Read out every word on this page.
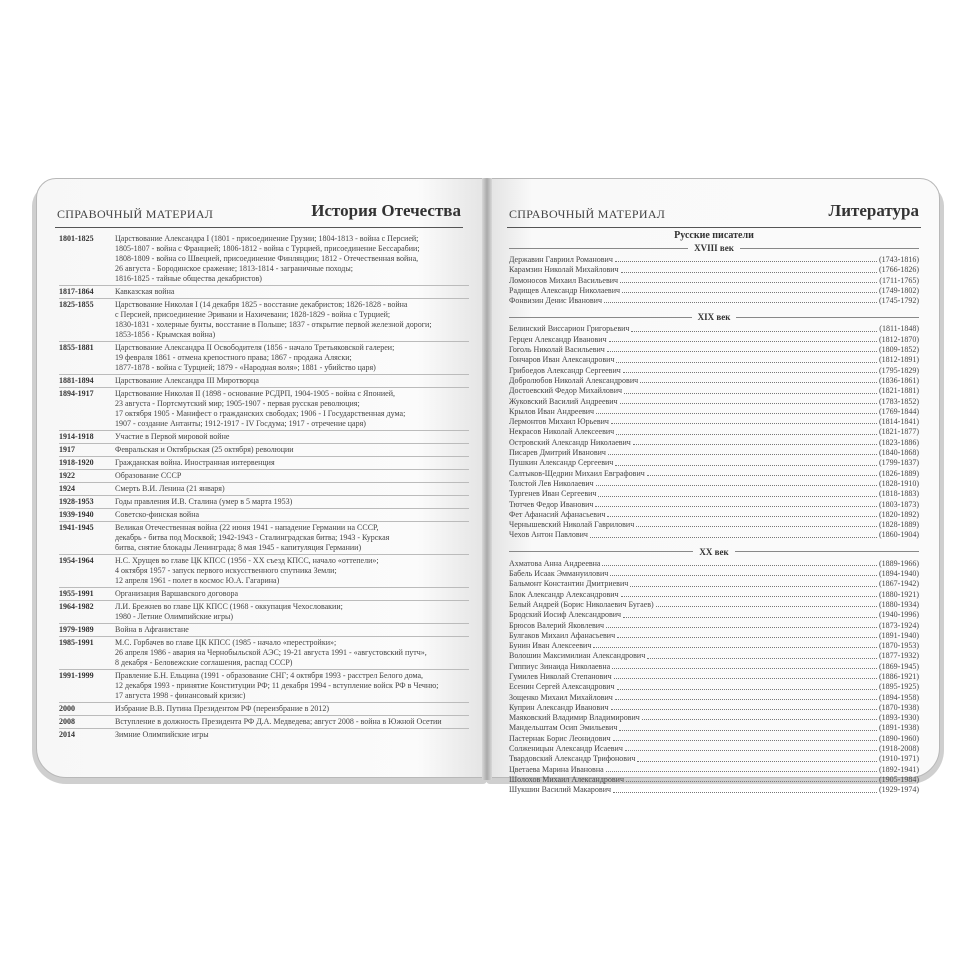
СПРАВОЧНЫЙ МАТЕРИАЛ	История Отечества
1801-1825	Царствование Александра I (1801 - присоединение Грузии; 1804-1813 - война с Персией;
1805-1807 - война с Францией; 1806-1812 - война с Турцией, присоединение Бессарабии;
1808-1809 - война со Швецией, присоединение Финляндии; 1812 - Отечественная война,
26 августа - Бородинское сражение; 1813-1814 - заграничные походы;
1816-1825 - тайные общества декабристов)
1817-1864	Кавказская война
1825-1855	Царствование Николая I (14 декабря 1825 - восстание декабристов; 1826-1828 - война
с Персией, присоединение Эривани и Нахичевани; 1828-1829 - война с Турцией;
1830-1831 - холерные бунты, восстание в Польше; 1837 - открытие первой железной дороги;
1853-1856 - Крымская война)
1855-1881	Царствование Александра II Освободителя (1856 - начало Третьяковской галереи;
19 февраля 1861 - отмена крепостного права; 1867 - продажа Аляски;
1877-1878 - война с Турцией; 1879 - «Народная воля»; 1881 - убийство царя)
1881-1894	Царствование Александра III Миротворца
1894-1917	Царствование Николая II (1898 - основание РСДРП, 1904-1905 - война с Японией,
23 августа - Портсмутский мир; 1905-1907 - первая русская революция;
17 октября 1905 - Манифест о гражданских свободах; 1906 - I Государственная дума;
1907 - создание Антанты; 1912-1917 - IV Госдума; 1917 - отречение царя)
1914-1918	Участие в Первой мировой войне
1917	Февральская и Октябрьская (25 октября) революции
1918-1920	Гражданская война. Иностранная интервенция
1922	Образование СССР
1924	Смерть В.И. Ленина (21 января)
1928-1953	Годы правления И.В. Сталина (умер в 5 марта 1953)
1939-1940	Советско-финская война
1941-1945	Великая Отечественная война (22 июня 1941 - нападение Германии на СССР,
декабрь - битва под Москвой; 1942-1943 - Сталинградская битва; 1943 - Курская
битва, снятие блокады Ленинграда; 8 мая 1945 - капитуляция Германии)
1954-1964	Н.С. Хрущев во главе ЦК КПСС (1956 - XX съезд КПСС, начало «оттепели»;
4 октября 1957 - запуск первого искусственного спутника Земли;
12 апреля 1961 - полет в космос Ю.А. Гагарина)
1955-1991	Организация Варшавского договора
1964-1982	Л.И. Брежнев во главе ЦК КПСС (1968 - оккупация Чехословакии;
1980 - Летние Олимпийские игры)
1979-1989	Война в Афганистане
1985-1991	М.С. Горбачев во главе ЦК КПСС (1985 - начало «перестройки»;
26 апреля 1986 - авария на Чернобыльской АЭС; 19-21 августа 1991 - «августовский путч»,
8 декабря - Беловежские соглашения, распад СССР)
1991-1999	Правление Б.Н. Ельцина (1991 - образование СНГ; 4 октября 1993 - расстрел Белого дома,
12 декабря 1993 - принятие Конституции РФ; 11 декабря 1994 - вступление войск РФ в Чечню;
17 августа 1998 - финансовый кризис)
2000	Избрание В.В. Путина Президентом РФ (переизбрание в 2012)
2008	Вступление в должность Президента РФ Д.А. Медведева; август 2008 - война в Южной Осетии
2014	Зимние Олимпийские игры
СПРАВОЧНЫЙ МАТЕРИАЛ	Литература
Русские писатели
XVIII век
Державин Гавриил Романович	(1743-1816)
Карамзин Николай Михайлович	(1766-1826)
Ломоносов Михаил Васильевич	(1711-1765)
Радищев Александр Николаевич	(1749-1802)
Фонвизин Денис Иванович	(1745-1792)
XIX век
Белинский Виссарион Григорьевич	(1811-1848)
Герцен Александр Иванович	(1812-1870)
Гоголь Николай Васильевич	(1809-1852)
Гончаров Иван Александрович	(1812-1891)
Грибоедов Александр Сергеевич	(1795-1829)
Добролюбов Николай Александрович	(1836-1861)
Достоевский Федор Михайлович	(1821-1881)
Жуковский Василий Андреевич	(1783-1852)
Крылов Иван Андреевич	(1769-1844)
Лермонтов Михаил Юрьевич	(1814-1841)
Некрасов Николай Алексеевич	(1821-1877)
Островский Александр Николаевич	(1823-1886)
Писарев Дмитрий Иванович	(1840-1868)
Пушкин Александр Сергеевич	(1799-1837)
Салтыков-Щедрин Михаил Евграфович	(1826-1889)
Толстой Лев Николаевич	(1828-1910)
Тургенев Иван Сергеевич	(1818-1883)
Тютчев Федор Иванович	(1803-1873)
Фет Афанасий Афанасьевич	(1820-1892)
Чернышевский Николай Гаврилович	(1828-1889)
Чехов Антон Павлович	(1860-1904)
XX век
Ахматова Анна Андреевна	(1889-1966)
Бабель Исаак Эммануилович	(1894-1940)
Бальмонт Константин Дмитриевич	(1867-1942)
Блок Александр Александрович	(1880-1921)
Белый Андрей (Борис Николаевич Бугаев)	(1880-1934)
Бродский Иосиф Александрович	(1940-1996)
Брюсов Валерий Яковлевич	(1873-1924)
Булгаков Михаил Афанасьевич	(1891-1940)
Бунин Иван Алексеевич	(1870-1953)
Волошин Максимилиан Александрович	(1877-1932)
Гиппиус Зинаида Николаевна	(1869-1945)
Гумилев Николай Степанович	(1886-1921)
Есенин Сергей Александрович	(1895-1925)
Зощенко Михаил Михайлович	(1894-1958)
Куприн Александр Иванович	(1870-1938)
Маяковский Владимир Владимирович	(1893-1930)
Мандельштам Осип Эмильевич	(1891-1938)
Пастернак Борис Леонидович	(1890-1960)
Солженицын Александр Исаевич	(1918-2008)
Твардовский Александр Трифонович	(1910-1971)
Цветаева Марина Ивановна	(1892-1941)
Шолохов Михаил Александрович	(1905-1984)
Шукшин Василий Макарович	(1929-1974)
